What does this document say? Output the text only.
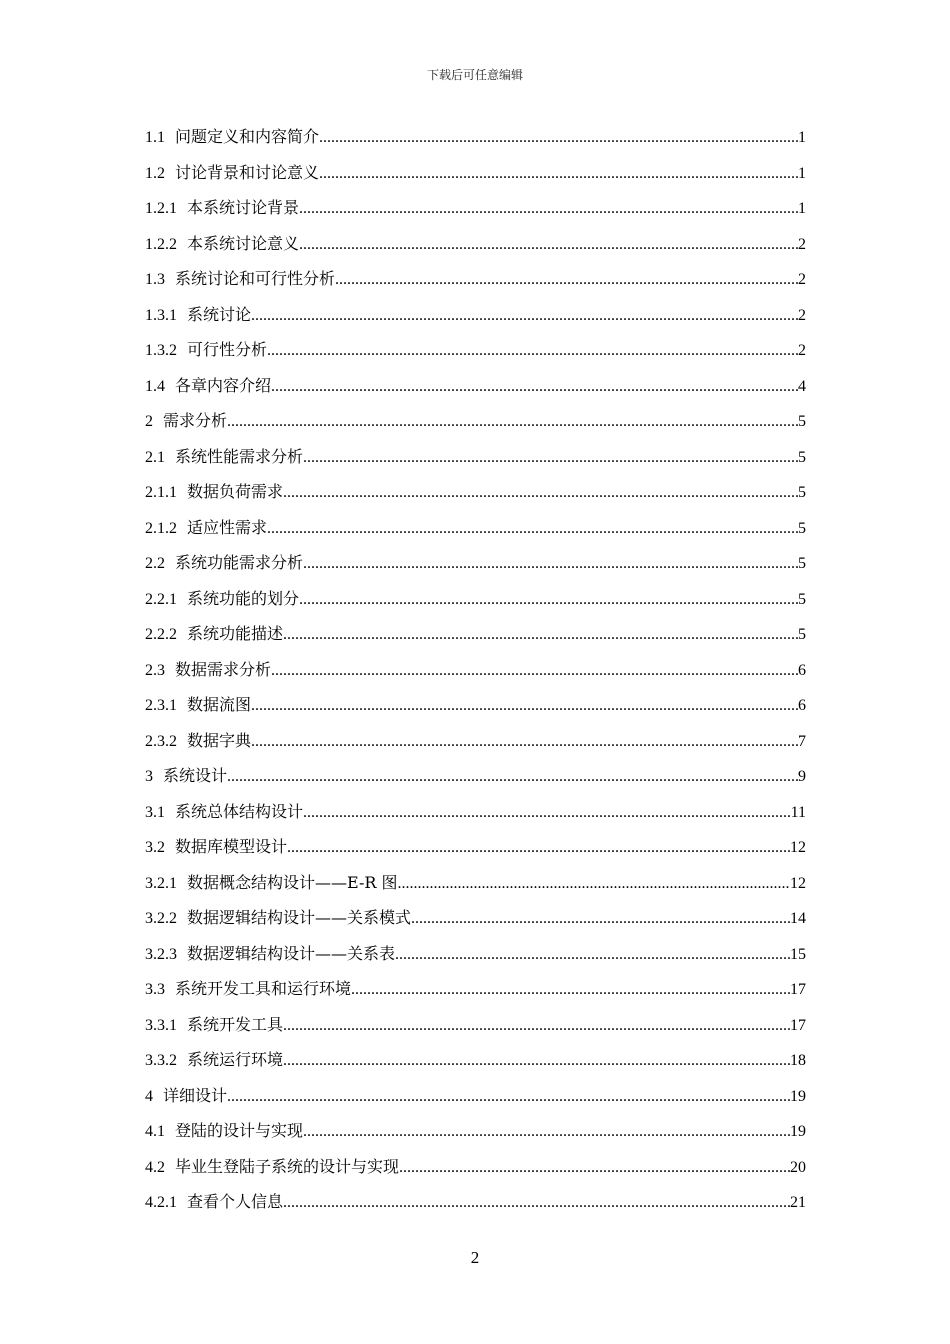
下载后可任意编辑
1.1 问题定义和内容简介 .....	1
1.2 讨论背景和讨论意义 .....	1
1.2.1 本系统讨论背景 .....	1
1.2.2 本系统讨论意义 .....	2
1.3 系统讨论和可行性分析 .....	2
1.3.1 系统讨论 .....	2
1.3.2 可行性分析 .....	2
1.4 各章内容介绍 .....	4
2 需求分析 .....	5
2.1 系统性能需求分析 .....	5
2.1.1 数据负荷需求 .....	5
2.1.2 适应性需求 .....	5
2.2 系统功能需求分析 .....	5
2.2.1 系统功能的划分 .....	5
2.2.2 系统功能描述 .....	5
2.3 数据需求分析 .....	6
2.3.1 数据流图 .....	6
2.3.2 数据字典 .....	7
3 系统设计 .....	9
3.1 系统总体结构设计 .....	11
3.2 数据库模型设计 .....	12
3.2.1 数据概念结构设计——E-R 图 .....	12
3.2.2 数据逻辑结构设计——关系模式 .....	14
3.2.3 数据逻辑结构设计——关系表 .....	15
3.3 系统开发工具和运行环境 .....	17
3.3.1 系统开发工具 .....	17
3.3.2 系统运行环境 .....	18
4 详细设计 .....	19
4.1 登陆的设计与实现 .....	19
4.2 毕业生登陆子系统的设计与实现 .....	20
4.2.1 查看个人信息 .....	21
2
